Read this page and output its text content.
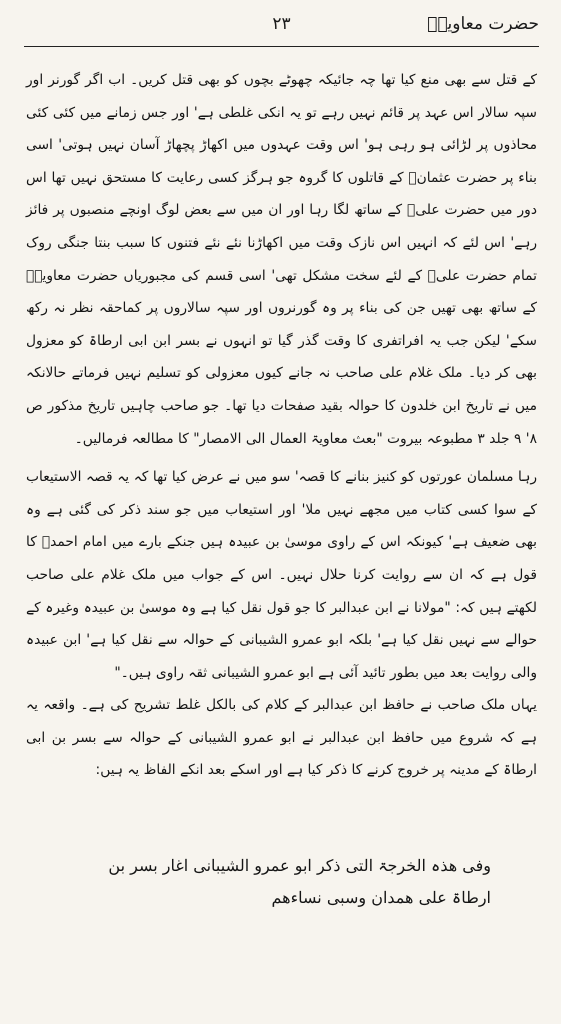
حضرت معاویہؓ
۲۳

کے قتل سے بھی منع کیا تھا چہ جائیکہ چھوٹے بچوں کو بھی قتل کریں۔ اب اگر گورنر اور سپہ سالار اس عہد پر قائم نہیں رہے تو یہ انکی غلطی ہے' اور جس زمانے میں کئی کئی محاذوں پر لڑائی ہو رہی ہو' اس وقت عہدوں میں اکھاڑ پچھاڑ آسان نہیں ہوتی' اسی بناء پر حضرت عثمانؓ کے قاتلوں کا گروہ جو ہرگز کسی رعایت کا مستحق نہیں تھا اس دور میں حضرت علیؓ کے ساتھ لگا رہا اور ان میں سے بعض لوگ اونچے منصبوں پر فائز رہے' اس لئے کہ انہیں اس نازک وقت میں اکھاڑنا نئے نئے فتنوں کا سبب بنتا جنگی روک تمام حضرت علیؓ کے لئے سخت مشکل تھی' اسی قسم کی مجبوریاں حضرت معاویہؓ کے ساتھ بھی تھیں جن کی بناء پر وہ گورنروں اور سپہ سالاروں پر کماحقہ نظر نہ رکھ سکے' لیکن جب یہ افراتفری کا وقت گذر گیا تو انہوں نے بسر ابن ابی ارطاۃ کو معزول بھی کر دیا۔ ملک غلام علی صاحب نہ جانے کیوں معزولی کو تسلیم نہیں فرماتے حالانکہ میں نے تاریخ ابن خلدون کا حوالہ بقید صفحات دیا تھا۔ جو صاحب چاہیں تاریخ مذکور ص ۸' ۹ جلد ۳ مطبوعہ بیروت "بعث معاویۃ العمال الی الامصار" کا مطالعہ فرمالیں۔

رہا مسلمان عورتوں کو کنیز بنانے کا قصہ' سو میں نے عرض کیا تھا کہ یہ قصہ الاستیعاب کے سوا کسی کتاب میں مجھے نہیں ملا' اور استیعاب میں جو سند ذکر کی گئی ہے وہ بھی ضعیف ہے' کیونکہ اس کے راوی موسیٰ بن عبیدہ ہیں جنکے بارے میں امام احمدؒ کا قول ہے کہ ان سے روایت کرنا حلال نہیں۔ اس کے جواب میں ملک غلام علی صاحب لکھتے ہیں کہ: "مولانا نے ابن عبدالبر کا جو قول نقل کیا ہے وہ موسیٰ بن عبیدہ وغیرہ کے حوالے سے نہیں نقل کیا ہے' بلکہ ابو عمرو الشیبانی کے حوالہ سے نقل کیا ہے' ابن عبیدہ والی روایت بعد میں بطور تائید آئی ہے ابو عمرو الشیبانی ثقہ راوی ہیں۔"

یہاں ملک صاحب نے حافظ ابن عبدالبر کے کلام کی بالکل غلط تشریح کی ہے۔ واقعہ یہ ہے کہ شروع میں حافظ ابن عبدالبر نے ابو عمرو الشیبانی کے حوالہ سے بسر بن ابی ارطاۃ کے مدینہ پر خروج کرنے کا ذکر کیا ہے اور اسکے بعد انکے الفاظ یہ ہیں:

وفی ھذہ الخرجۃ التی ذکر ابو عمرو الشیبانی اغار بسر بن

ارطاۃ علی ھمدان وسبی نساءھم
